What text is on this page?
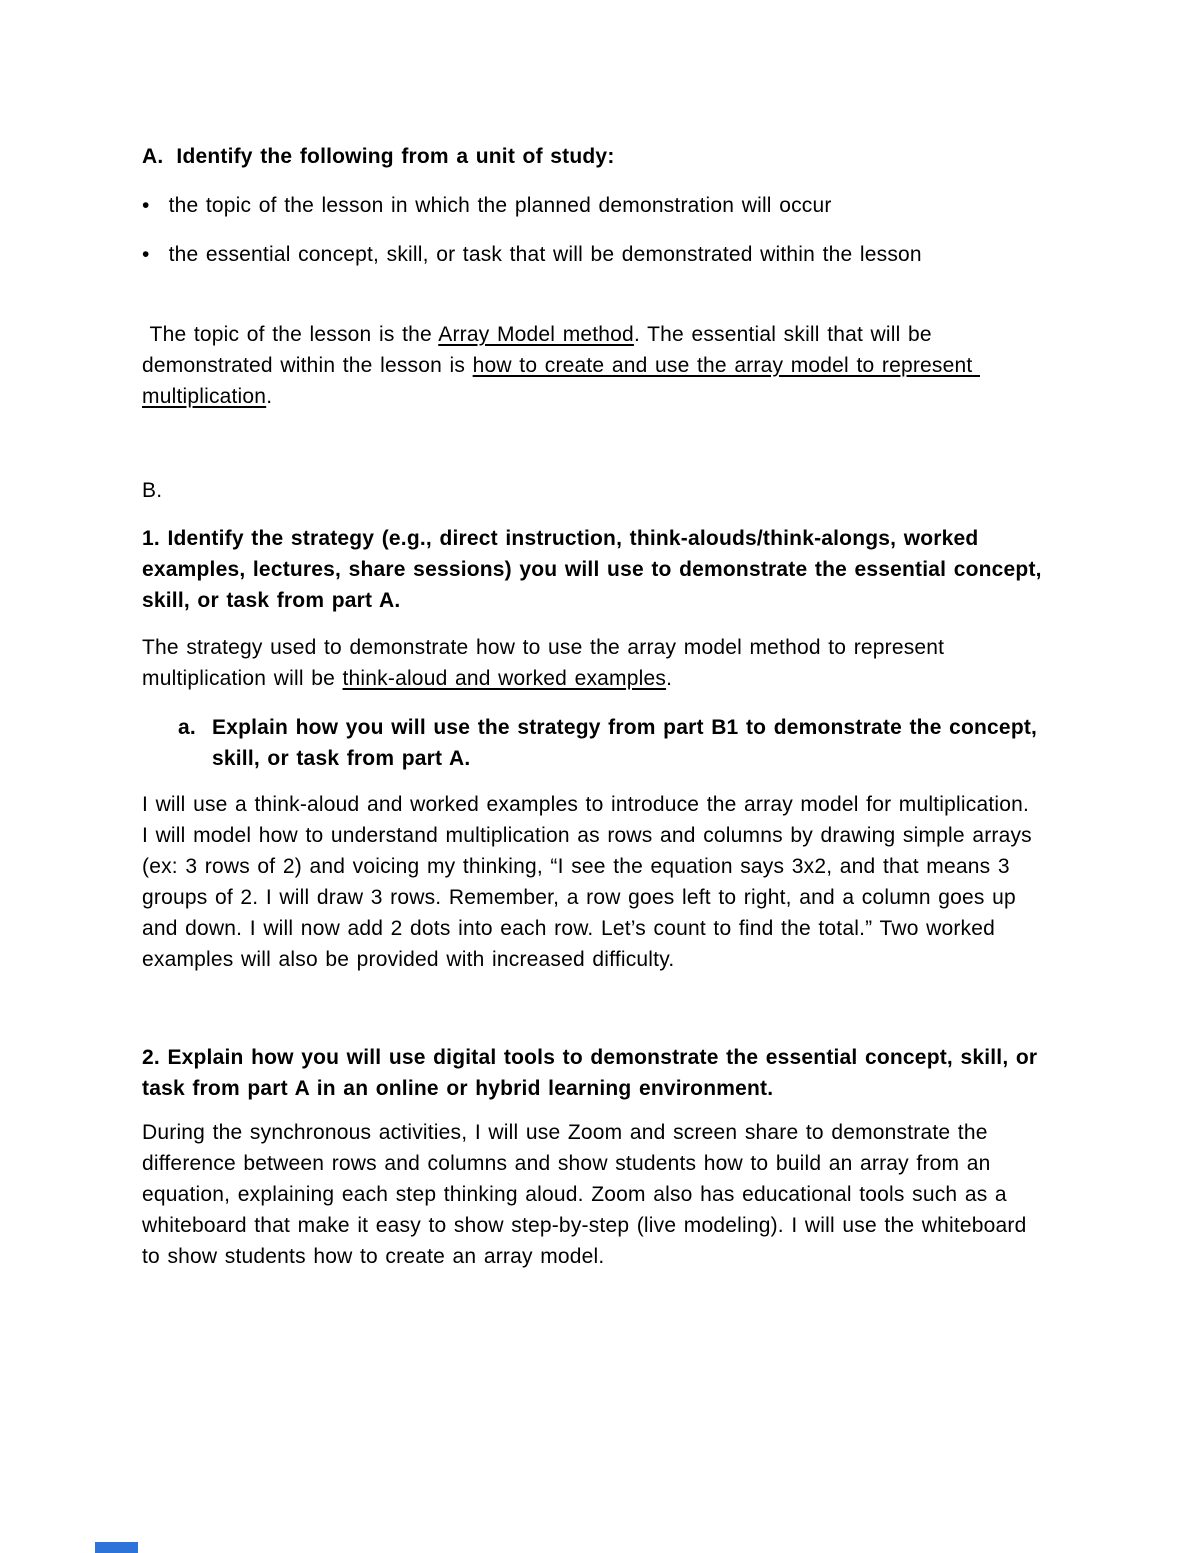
A. Identify the following from a unit of study:

• the topic of the lesson in which the planned demonstration will occur

• the essential concept, skill, or task that will be demonstrated within the lesson

The topic of the lesson is the Array Model method. The essential skill that will be demonstrated within the lesson is how to create and use the array model to represent multiplication.

B.

1. Identify the strategy (e.g., direct instruction, think-alouds/think-alongs, worked examples, lectures, share sessions) you will use to demonstrate the essential concept, skill, or task from part A.

The strategy used to demonstrate how to use the array model method to represent multiplication will be think-aloud and worked examples.

a. Explain how you will use the strategy from part B1 to demonstrate the concept, skill, or task from part A.

I will use a think-aloud and worked examples to introduce the array model for multiplication. I will model how to understand multiplication as rows and columns by drawing simple arrays (ex: 3 rows of 2) and voicing my thinking, “I see the equation says 3x2, and that means 3 groups of 2. I will draw 3 rows. Remember, a row goes left to right, and a column goes up and down. I will now add 2 dots into each row. Let’s count to find the total.” Two worked examples will also be provided with increased difficulty.

2. Explain how you will use digital tools to demonstrate the essential concept, skill, or task from part A in an online or hybrid learning environment.

During the synchronous activities, I will use Zoom and screen share to demonstrate the difference between rows and columns and show students how to build an array from an equation, explaining each step thinking aloud. Zoom also has educational tools such as a whiteboard that make it easy to show step-by-step (live modeling). I will use the whiteboard to show students how to create an array model.
